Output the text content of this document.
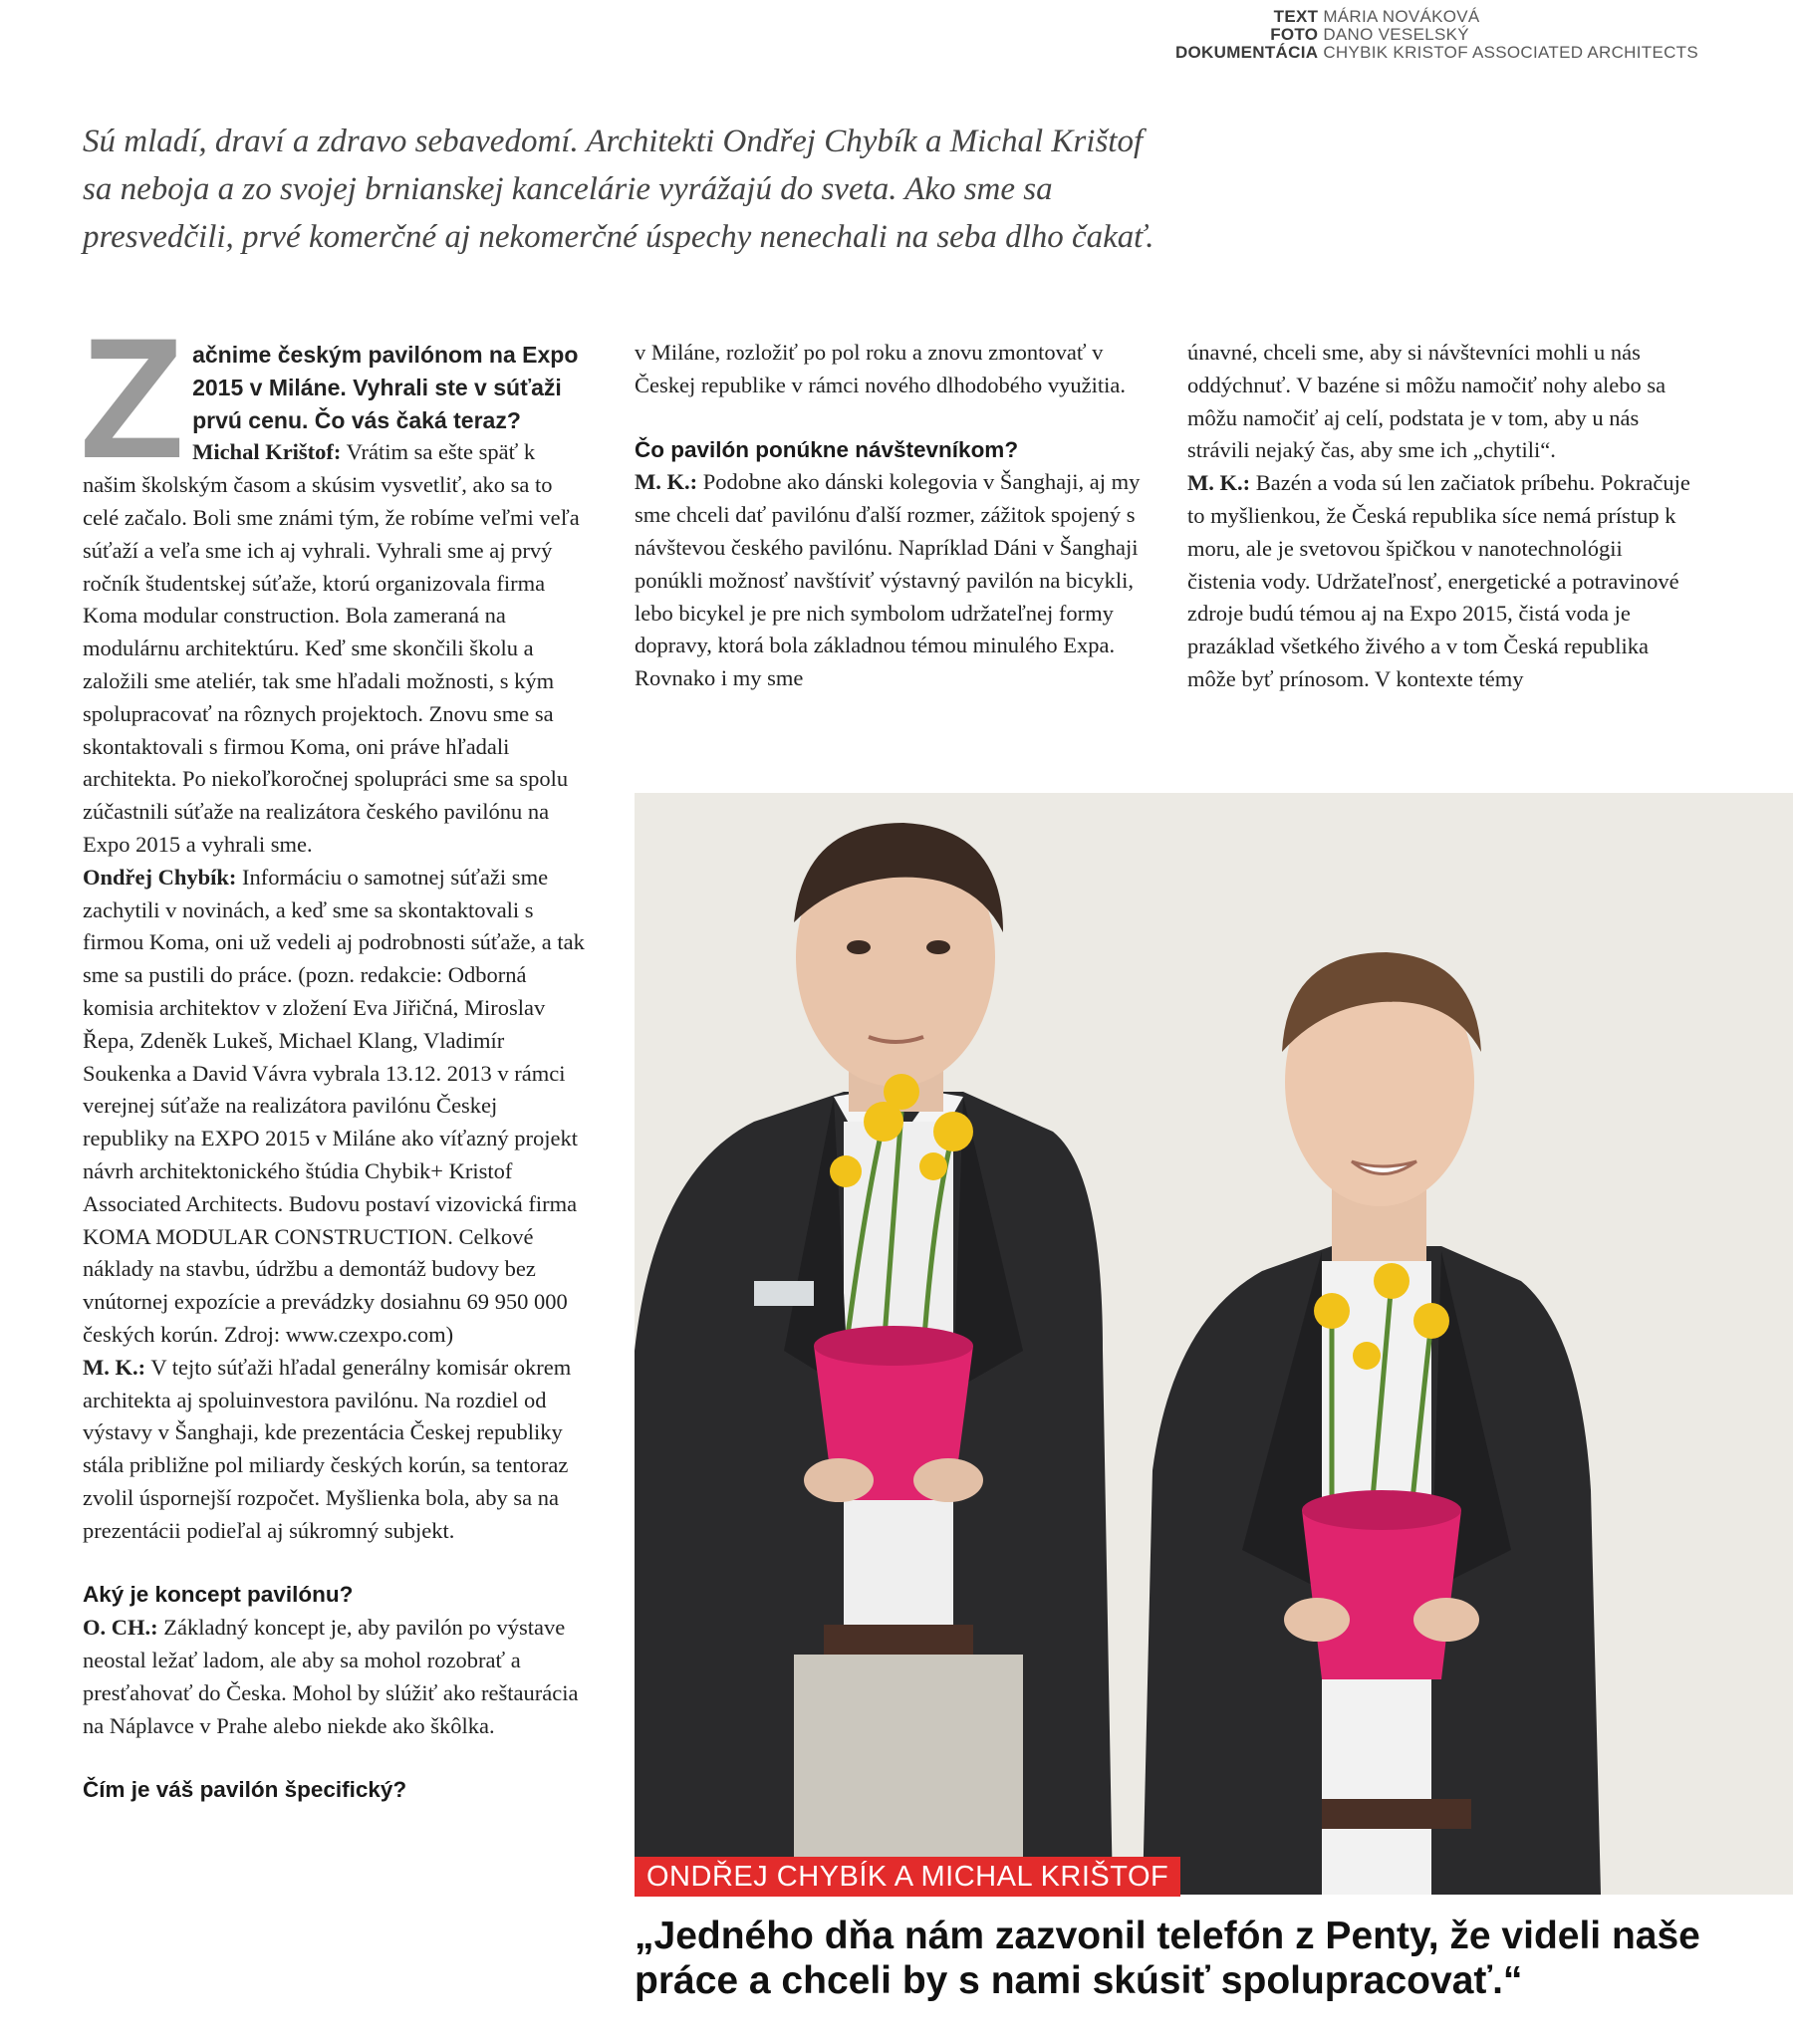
TEXT MÁRIA NOVÁKOVÁ
FOTO DANO VESELSKÝ
DOKUMENTÁCIA CHYBIK KRISTOF ASSOCIATED ARCHITECTS

Sú mladí, draví a zdravo sebavedomí. Architekti Ondřej Chybík a Michal Krištof sa neboja a zo svojej brnianskej kancelárie vyrážajú do sveta. Ako sme sa presvedčili, prvé komerčné aj nekomerčné úspechy nenechali na seba dlho čakať.

Z ačnime českým pavilónom na Expo 2015 v Miláne. Vyhrali ste v súťaži prvú cenu. Čo vás čaká teraz?

Michal Krištof: Vrátim sa ešte späť k našim školským časom a skúsim vysvetliť, ako sa to celé začalo. Boli sme známi tým, že robíme veľmi veľa súťaží a veľa sme ich aj vyhrali. Vyhrali sme aj prvý ročník študentskej súťaže, ktorú organizovala firma Koma modular construction. Bola zameraná na modulárnu architektúru. Keď sme skončili školu a založili sme ateliér, tak sme hľadali možnosti, s kým spolupracovať na rôznych projektoch. Znovu sme sa skontaktovali s firmou Koma, oni práve hľadali architekta. Po niekoľkoročnej spolupráci sme sa spolu zúčastnili súťaže na realizátora českého pavilónu na Expo 2015 a vyhrali sme.

Ondřej Chybík: Informáciu o samotnej súťaži sme zachytili v novinách, a keď sme sa skontaktovali s firmou Koma, oni už vedeli aj podrobnosti súťaže, a tak sme sa pustili do práce. (pozn. redakcie: Odborná komisia architektov v zložení Eva Jiřičná, Miroslav Řepa, Zdeněk Lukeš, Michael Klang, Vladimír Soukenka a David Vávra vybrala 13.12. 2013 v rámci verejnej súťaže na realizátora pavilónu Českej republiky na EXPO 2015 v Miláne ako víťazný projekt návrh architektonického štúdia Chybik+ Kristof Associated Architects. Budovu postaví vizovická firma KOMA MODULAR CONSTRUCTION. Celkové náklady na stavbu, údržbu a demontáž budovy bez vnútornej expozície a prevádzky dosiahnu 69 950 000 českých korún. Zdroj: www.czexpo.com)

M. K.: V tejto súťaži hľadal generálny komisár okrem architekta aj spoluinvestora pavilónu. Na rozdiel od výstavy v Šanghaji, kde prezentácia Českej republiky stála približne pol miliardy českých korún, sa tentoraz zvolil úspornejší rozpočet. Myšlienka bola, aby sa na prezentácii podieľal aj súkromný subjekt.

Aký je koncept pavilónu?

O. CH.: Základný koncept je, aby pavilón po výstave neostal ležať ladom, ale aby sa mohol rozobrať a presťahovať do Česka. Mohol by slúžiť ako reštaurácia na Náplavce v Prahe alebo niekde ako škôlka.

Čím je váš pavilón špecifický?

v Miláne, rozložiť po pol roku a znovu zmontovať v Českej republike v rámci nového dlhodobého využitia.

Čo pavilón ponúkne návštevníkom?

M. K.: Podobne ako dánski kolegovia v Šanghaji, aj my sme chceli dať pavilónu ďalší rozmer, zážitok spojený s návštevou českého pavilónu. Napríklad Dáni v Šanghaji ponúkli možnosť navštíviť výstavný pavilón na bicykli, lebo bicykel je pre nich symbolom udržateľnej formy dopravy, ktorá bola základnou témou minulého Expa. Rovnako i my sme

únavné, chceli sme, aby si návštevníci mohli u nás oddýchnuť. V bazéne si môžu namočiť nohy alebo sa môžu namočiť aj celí, podstata je v tom, aby u nás strávili nejaký čas, aby sme ich „chytili“.

M. K.: Bazén a voda sú len začiatok príbehu. Pokračuje to myšlienkou, že Česká republika síce nemá prístup k moru, ale je svetovou špičkou v nanotechnológii čistenia vody. Udržateľnosť, energetické a potravinové zdroje budú témou aj na Expo 2015, čistá voda je prazáklad všetkého živého a v tom Česká republika môže byť prínosom. V kontexte témy

ONDŘEJ CHYBÍK A MICHAL KRIŠTOF

„Jedného dňa nám zazvonil telefón z Penty, že videli naše práce a chceli by s nami skúsiť spolupracovať.“
